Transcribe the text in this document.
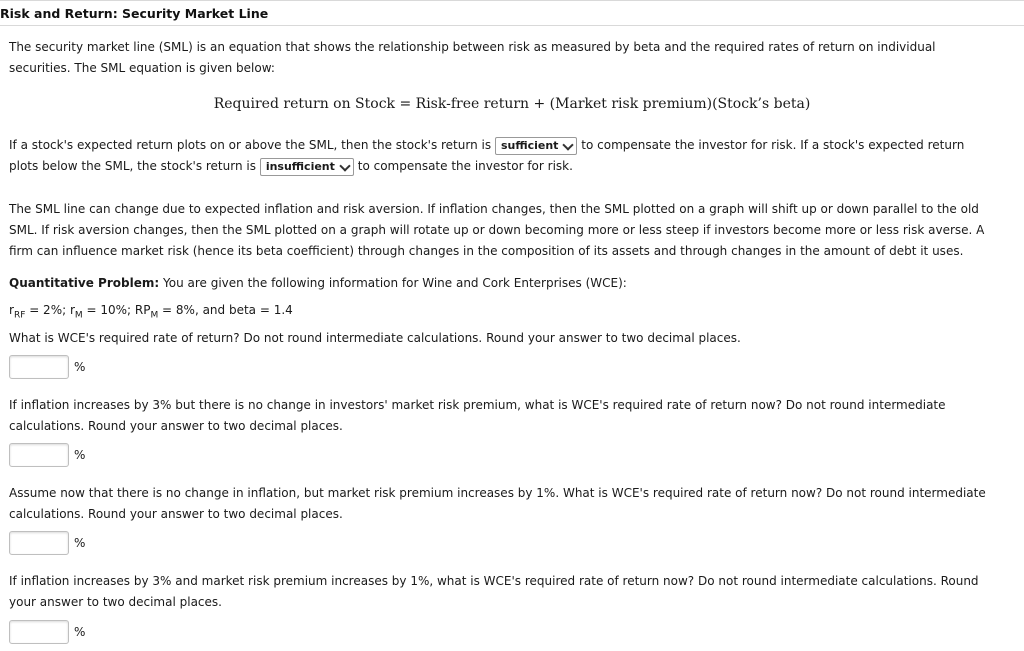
Risk and Return: Security Market Line

The security market line (SML) is an equation that shows the relationship between risk as measured by beta and the required rates of return on individual
securities. The SML equation is given below:

Required return on Stock = Risk-free return + (Market risk premium)(Stock’s beta)

If a stock's expected return plots on or above the SML, then the stock's return is sufficient to compensate the investor for risk. If a stock's expected return
plots below the SML, the stock's return is insufficient to compensate the investor for risk.

The SML line can change due to expected inflation and risk aversion. If inflation changes, then the SML plotted on a graph will shift up or down parallel to the old
SML. If risk aversion changes, then the SML plotted on a graph will rotate up or down becoming more or less steep if investors become more or less risk averse. A
firm can influence market risk (hence its beta coefficient) through changes in the composition of its assets and through changes in the amount of debt it uses.

Quantitative Problem: You are given the following information for Wine and Cork Enterprises (WCE):

$r_{RF} = 2\%$; $r_M = 10\%$; $RP_M = 8\%$, and beta = 1.4

What is WCE's required rate of return? Do not round intermediate calculations. Round your answer to two decimal places.

%

If inflation increases by 3% but there is no change in investors' market risk premium, what is WCE's required rate of return now? Do not round intermediate
calculations. Round your answer to two decimal places.

%

Assume now that there is no change in inflation, but market risk premium increases by 1%. What is WCE's required rate of return now? Do not round intermediate
calculations. Round your answer to two decimal places.

%

If inflation increases by 3% and market risk premium increases by 1%, what is WCE's required rate of return now? Do not round intermediate calculations. Round
your answer to two decimal places.

%
